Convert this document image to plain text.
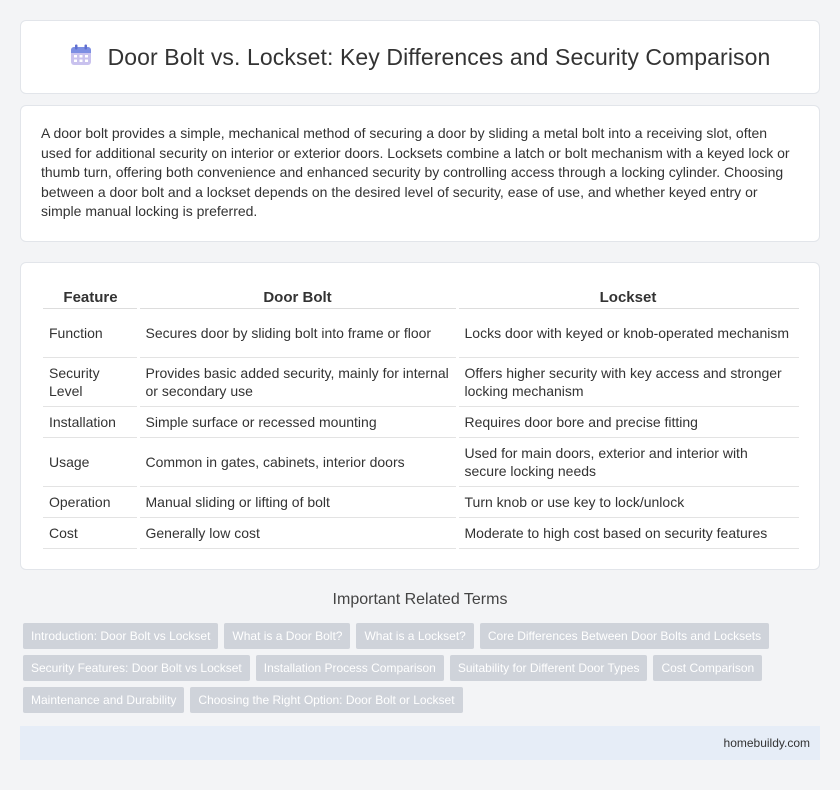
Door Bolt vs. Lockset: Key Differences and Security Comparison

A door bolt provides a simple, mechanical method of securing a door by sliding a metal bolt into a receiving slot, often used for additional security on interior or exterior doors. Locksets combine a latch or bolt mechanism with a keyed lock or thumb turn, offering both convenience and enhanced security by controlling access through a locking cylinder. Choosing between a door bolt and a lockset depends on the desired level of security, ease of use, and whether keyed entry or simple manual locking is preferred.

Feature	Door Bolt	Lockset
Function	Secures door by sliding bolt into frame or floor	Locks door with keyed or knob-operated mechanism
Security Level	Provides basic added security, mainly for internal or secondary use	Offers higher security with key access and stronger locking mechanism
Installation	Simple surface or recessed mounting	Requires door bore and precise fitting
Usage	Common in gates, cabinets, interior doors	Used for main doors, exterior and interior with secure locking needs
Operation	Manual sliding or lifting of bolt	Turn knob or use key to lock/unlock
Cost	Generally low cost	Moderate to high cost based on security features
Important Related Terms
Introduction: Door Bolt vs Lockset	What is a Door Bolt?	What is a Lockset?	Core Differences Between Door Bolts and Locksets
Security Features: Door Bolt vs Lockset	Installation Process Comparison	Suitability for Different Door Types	Cost Comparison
Maintenance and Durability	Choosing the Right Option: Door Bolt or Lockset
homebuildy.com
